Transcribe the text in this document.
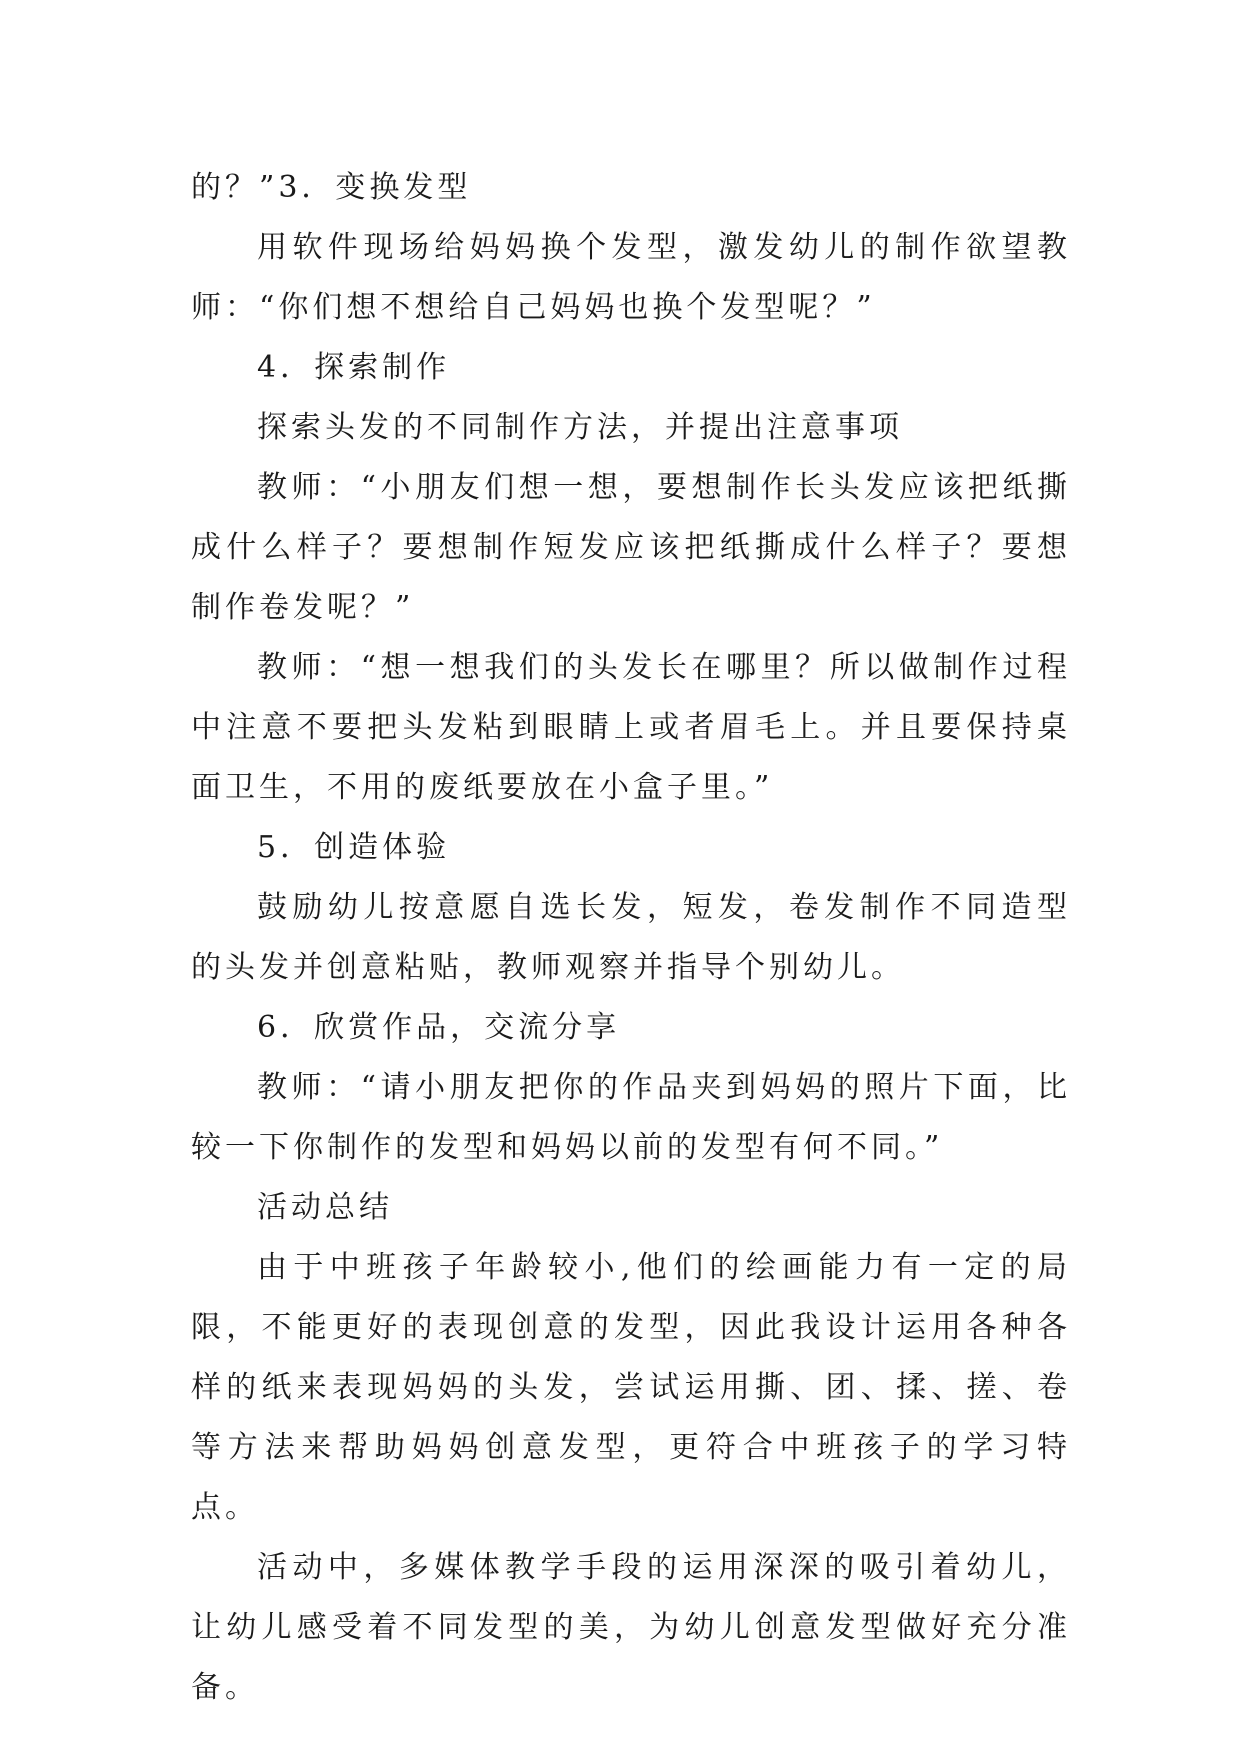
的？”3．变换发型

用软件现场给妈妈换个发型，激发幼儿的制作欲望教师：“你们想不想给自己妈妈也换个发型呢？”

4．探索制作

探索头发的不同制作方法，并提出注意事项

教师：“小朋友们想一想，要想制作长头发应该把纸撕成什么样子？要想制作短发应该把纸撕成什么样子？要想制作卷发呢？”

教师：“想一想我们的头发长在哪里？所以做制作过程中注意不要把头发粘到眼睛上或者眉毛上。并且要保持桌面卫生，不用的废纸要放在小盒子里。”

5．创造体验

鼓励幼儿按意愿自选长发，短发，卷发制作不同造型的头发并创意粘贴，教师观察并指导个别幼儿。

6．欣赏作品，交流分享

教师：“请小朋友把你的作品夹到妈妈的照片下面，比较一下你制作的发型和妈妈以前的发型有何不同。”

活动总结

由于中班孩子年龄较小,他们的绘画能力有一定的局限，不能更好的表现创意的发型，因此我设计运用各种各样的纸来表现妈妈的头发，尝试运用撕、团、揉、搓、卷等方法来帮助妈妈创意发型，更符合中班孩子的学习特点。

活动中，多媒体教学手段的运用深深的吸引着幼儿，让幼儿感受着不同发型的美，为幼儿创意发型做好充分准备。
